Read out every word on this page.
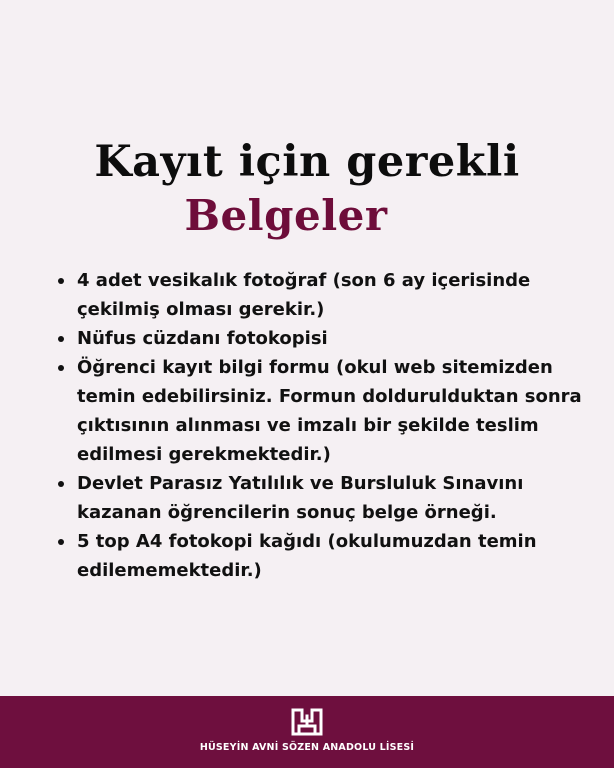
Kayıt için gerekli
Belgeler
4 adet vesikalık fotoğraf (son 6 ay içerisinde çekilmiş olması gerekir.)
Nüfus cüzdanı fotokopisi
Öğrenci kayıt bilgi formu (okul web sitemizden temin edebilirsiniz. Formun doldurulduktan sonra çıktısının alınması ve imzalı bir şekilde teslim edilmesi gerekmektedir.)
Devlet Parasız Yatılılık ve Bursluluk Sınavını kazanan öğrencilerin sonuç belge örneği.
5 top A4 fotokopi kağıdı (okulumuzdan temin edilememektedir.)
HÜSEYİN AVNİ SÖZEN ANADOLU LİSESİ
